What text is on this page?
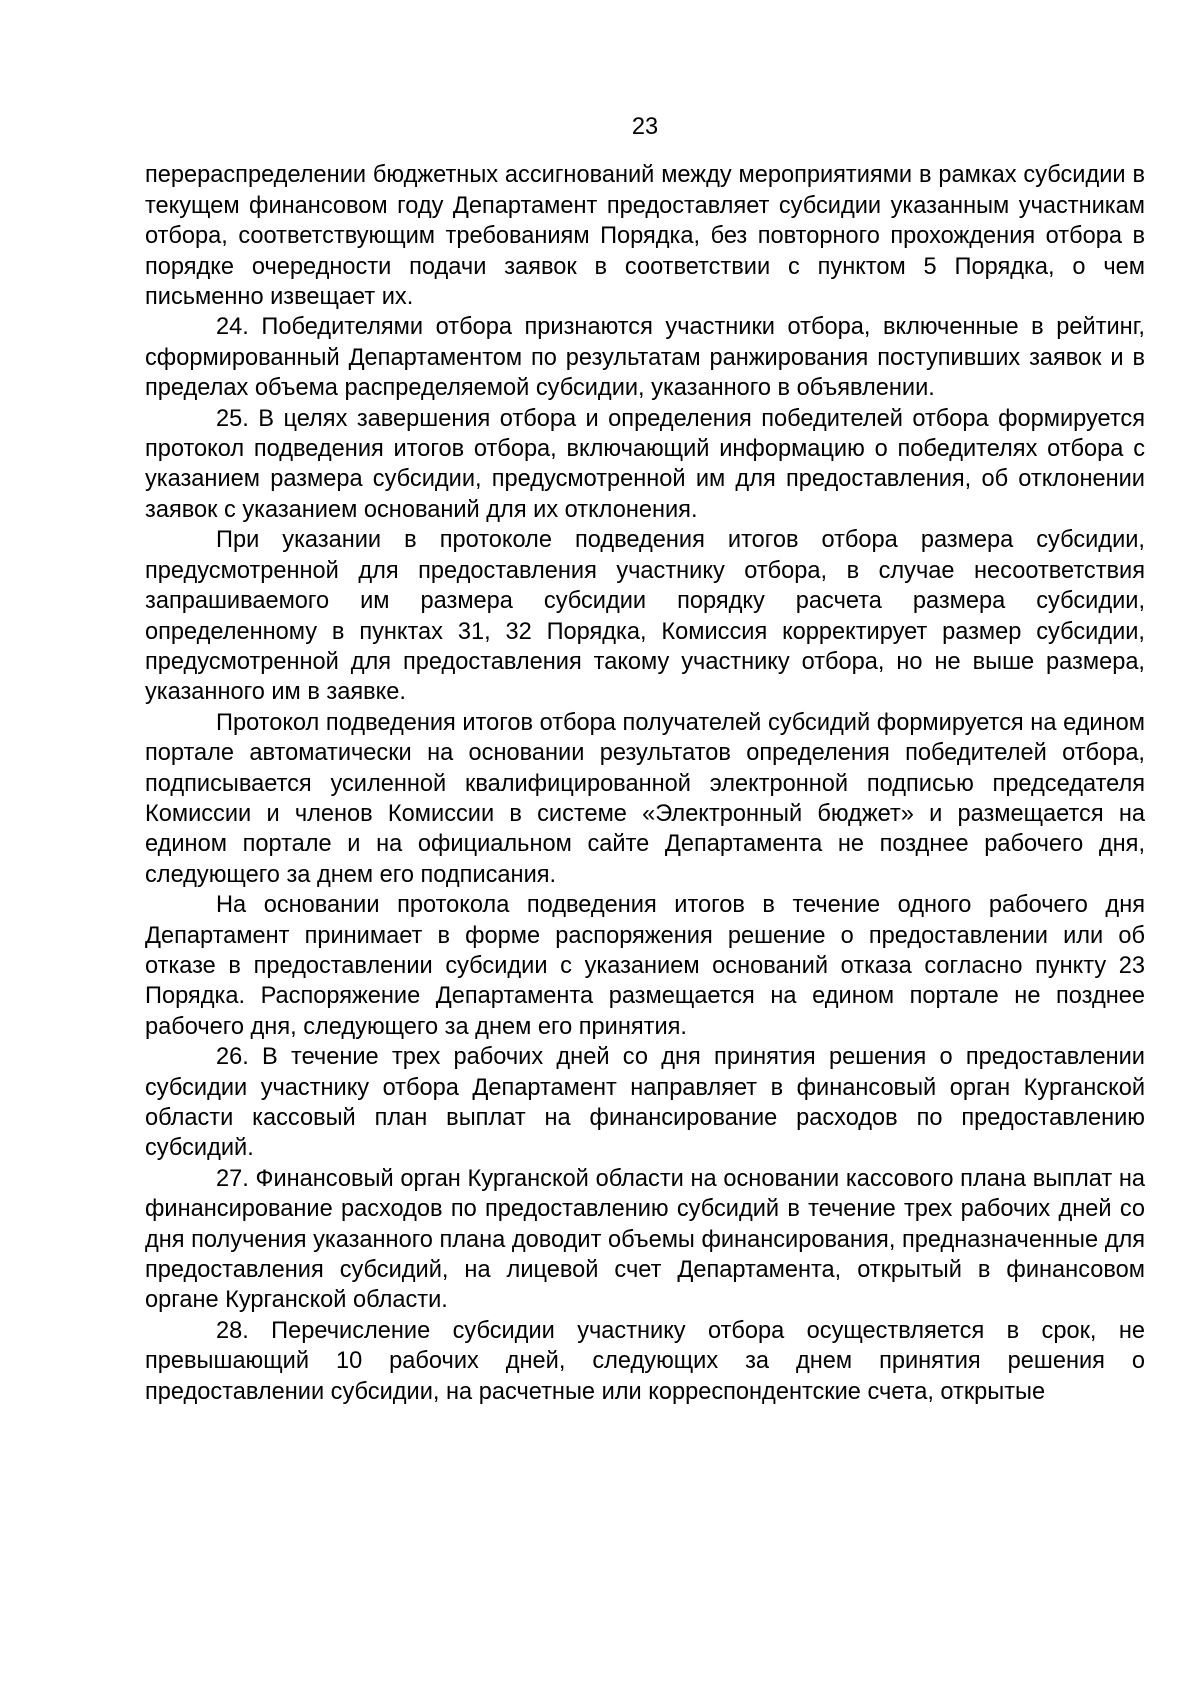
23

перераспределении бюджетных ассигнований между мероприятиями в рамках субсидии в текущем финансовом году Департамент предоставляет субсидии указанным участникам отбора, соответствующим требованиям Порядка, без повторного прохождения отбора в порядке очередности подачи заявок в соответствии с пунктом 5 Порядка, о чем письменно извещает их.

24. Победителями отбора признаются участники отбора, включенные в рейтинг, сформированный Департаментом по результатам ранжирования поступивших заявок и в пределах объема распределяемой субсидии, указанного в объявлении.

25. В целях завершения отбора и определения победителей отбора формируется протокол подведения итогов отбора, включающий информацию о победителях отбора с указанием размера субсидии, предусмотренной им для предоставления, об отклонении заявок с указанием оснований для их отклонения.

При указании в протоколе подведения итогов отбора размера субсидии, предусмотренной для предоставления участнику отбора, в случае несоответствия запрашиваемого им размера субсидии порядку расчета размера субсидии, определенному в пунктах 31, 32 Порядка, Комиссия корректирует размер субсидии, предусмотренной для предоставления такому участнику отбора, но не выше размера, указанного им в заявке.

Протокол подведения итогов отбора получателей субсидий формируется на едином портале автоматически на основании результатов определения победителей отбора, подписывается усиленной квалифицированной электронной подписью председателя Комиссии и членов Комиссии в системе «Электронный бюджет» и размещается на едином портале и на официальном сайте Департамента не позднее рабочего дня, следующего за днем его подписания.

На основании протокола подведения итогов в течение одного рабочего дня Департамент принимает в форме распоряжения решение о предоставлении или об отказе в предоставлении субсидии с указанием оснований отказа согласно пункту 23 Порядка. Распоряжение Департамента размещается на едином портале не позднее рабочего дня, следующего за днем его принятия.

26. В течение трех рабочих дней со дня принятия решения о предоставлении субсидии участнику отбора Департамент направляет в финансовый орган Курганской области кассовый план выплат на финансирование расходов по предоставлению субсидий.

27. Финансовый орган Курганской области на основании кассового плана выплат на финансирование расходов по предоставлению субсидий в течение трех рабочих дней со дня получения указанного плана доводит объемы финансирования, предназначенные для предоставления субсидий, на лицевой счет Департамента, открытый в финансовом органе Курганской области.

28. Перечисление субсидии участнику отбора осуществляется в срок, не превышающий 10 рабочих дней, следующих за днем принятия решения о предоставлении субсидии, на расчетные или корреспондентские счета, открытые
